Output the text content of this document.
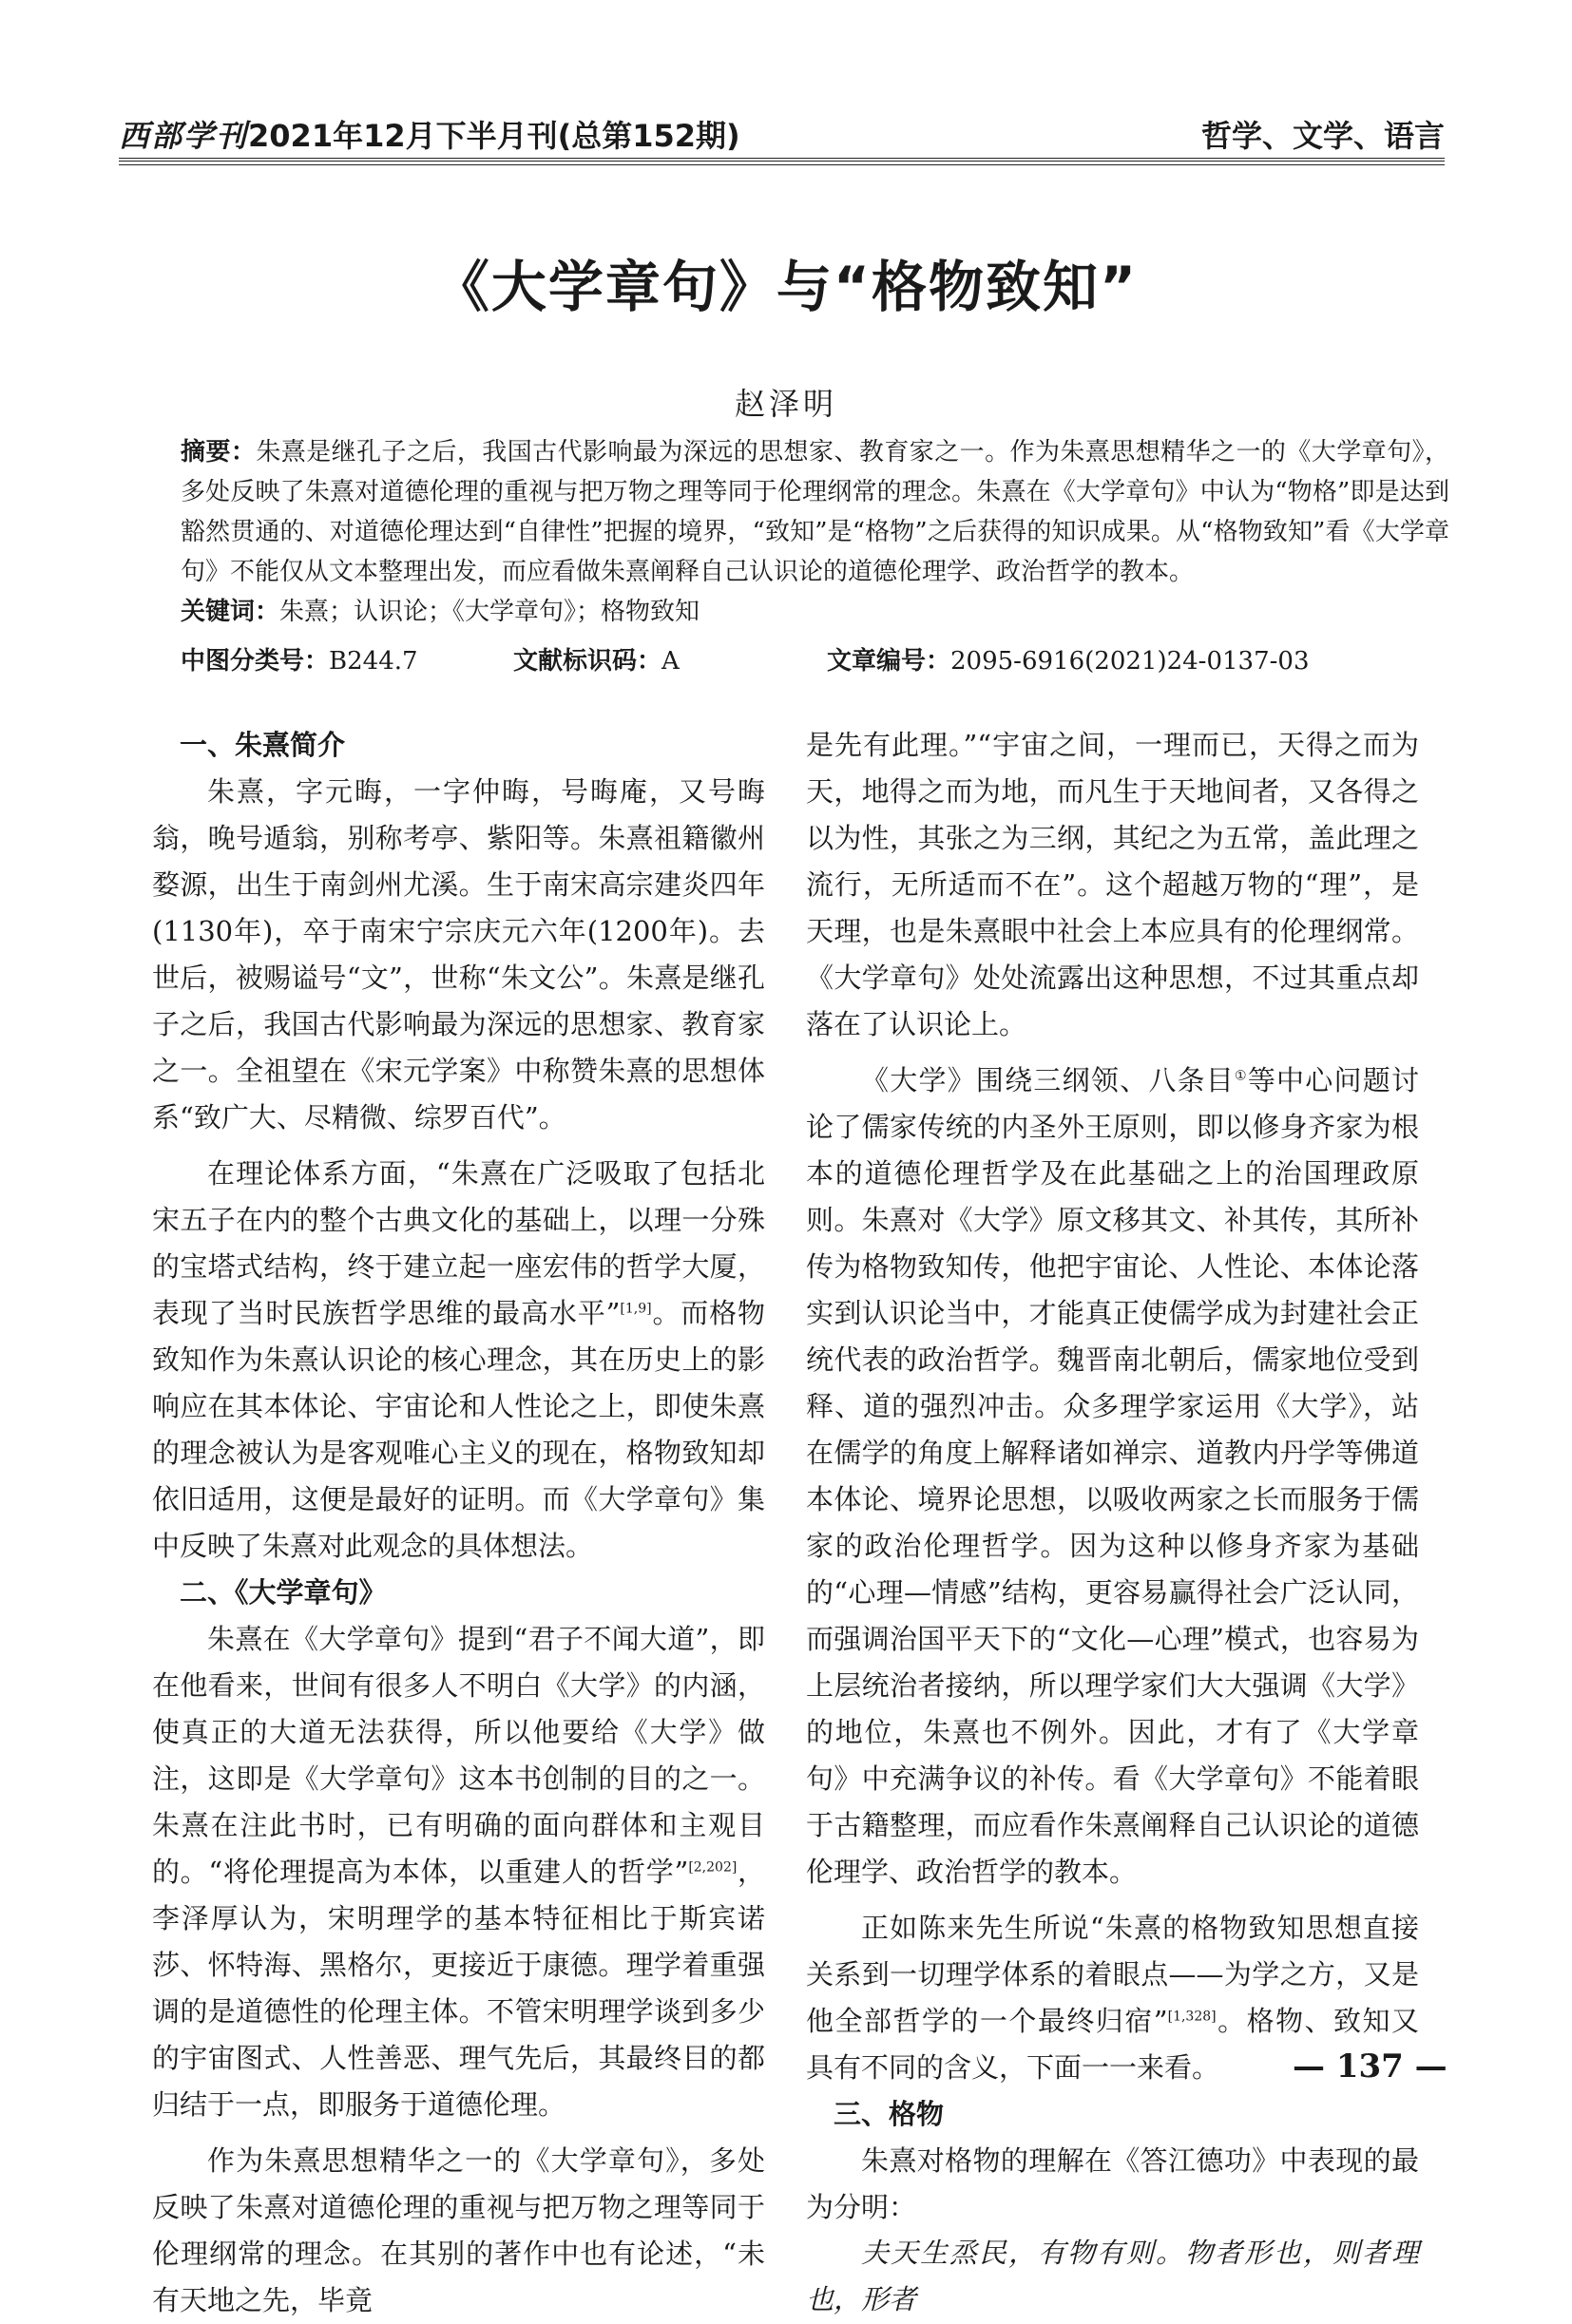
西部学刊2021年12月下半月刊(总第152期)	哲学、文学、语言
《大学章句》与“格物致知”
赵泽明

摘要：朱熹是继孔子之后，我国古代影响最为深远的思想家、教育家之一。作为朱熹思想精华之一的《大学章句》，多处反映了朱熹对道德伦理的重视与把万物之理等同于伦理纲常的理念。朱熹在《大学章句》中认为“物格”即是达到豁然贯通的、对道德伦理达到“自律性”把握的境界，“致知”是“格物”之后获得的知识成果。从“格物致知”看《大学章句》不能仅从文本整理出发，而应看做朱熹阐释自己认识论的道德伦理学、政治哲学的教本。

关键词：朱熹；认识论；《大学章句》；格物致知

中图分类号：B244.7	文献标识码：A	文章编号：2095-6916(2021)24-0137-03
一、朱熹简介

朱熹，字元晦，一字仲晦，号晦庵，又号晦翁，晚号遁翁，别称考亭、紫阳等。朱熹祖籍徽州婺源，出生于南剑州尤溪。生于南宋高宗建炎四年(1130年)，卒于南宋宁宗庆元六年(1200年)。去世后，被赐谥号“文”，世称“朱文公”。朱熹是继孔子之后，我国古代影响最为深远的思想家、教育家之一。全祖望在《宋元学案》中称赞朱熹的思想体系“致广大、尽精微、综罗百代”。

在理论体系方面，“朱熹在广泛吸取了包括北宋五子在内的整个古典文化的基础上，以理一分殊的宝塔式结构，终于建立起一座宏伟的哲学大厦，表现了当时民族哲学思维的最高水平”[1,9]。而格物致知作为朱熹认识论的核心理念，其在历史上的影响应在其本体论、宇宙论和人性论之上，即使朱熹的理念被认为是客观唯心主义的现在，格物致知却依旧适用，这便是最好的证明。而《大学章句》集中反映了朱熹对此观念的具体想法。

二、《大学章句》

朱熹在《大学章句》提到“君子不闻大道”，即在他看来，世间有很多人不明白《大学》的内涵，使真正的大道无法获得，所以他要给《大学》做注，这即是《大学章句》这本书创制的目的之一。朱熹在注此书时，已有明确的面向群体和主观目的。“将伦理提高为本体，以重建人的哲学”[2,202]，李泽厚认为，宋明理学的基本特征相比于斯宾诺莎、怀特海、黑格尔，更接近于康德。理学着重强调的是道德性的伦理主体。不管宋明理学谈到多少的宇宙图式、人性善恶、理气先后，其最终目的都归结于一点，即服务于道德伦理。

作为朱熹思想精华之一的《大学章句》，多处反映了朱熹对道德伦理的重视与把万物之理等同于伦理纲常的理念。在其别的著作中也有论述，“未有天地之先，毕竟

是先有此理。”“宇宙之间，一理而已，天得之而为天，地得之而为地，而凡生于天地间者，又各得之以为性，其张之为三纲，其纪之为五常，盖此理之流行，无所适而不在”。这个超越万物的“理”，是天理，也是朱熹眼中社会上本应具有的伦理纲常。《大学章句》处处流露出这种思想，不过其重点却落在了认识论上。

《大学》围绕三纲领、八条目①等中心问题讨论了儒家传统的内圣外王原则，即以修身齐家为根本的道德伦理哲学及在此基础之上的治国理政原则。朱熹对《大学》原文移其文、补其传，其所补传为格物致知传，他把宇宙论、人性论、本体论落实到认识论当中，才能真正使儒学成为封建社会正统代表的政治哲学。魏晋南北朝后，儒家地位受到释、道的强烈冲击。众多理学家运用《大学》，站在儒学的角度上解释诸如禅宗、道教内丹学等佛道本体论、境界论思想，以吸收两家之长而服务于儒家的政治伦理哲学。因为这种以修身齐家为基础的“心理—情感”结构，更容易赢得社会广泛认同，而强调治国平天下的“文化—心理”模式，也容易为上层统治者接纳，所以理学家们大大强调《大学》的地位，朱熹也不例外。因此，才有了《大学章句》中充满争议的补传。看《大学章句》不能着眼于古籍整理，而应看作朱熹阐释自己认识论的道德伦理学、政治哲学的教本。

正如陈来先生所说“朱熹的格物致知思想直接关系到一切理学体系的着眼点——为学之方，又是他全部哲学的一个最终归宿”[1,328]。格物、致知又具有不同的含义，下面一一来看。

三、格物

朱熹对格物的理解在《答江德功》中表现的最为分明：

夫天生烝民，有物有则。物者形也，则者理也，形者

— 137 —
